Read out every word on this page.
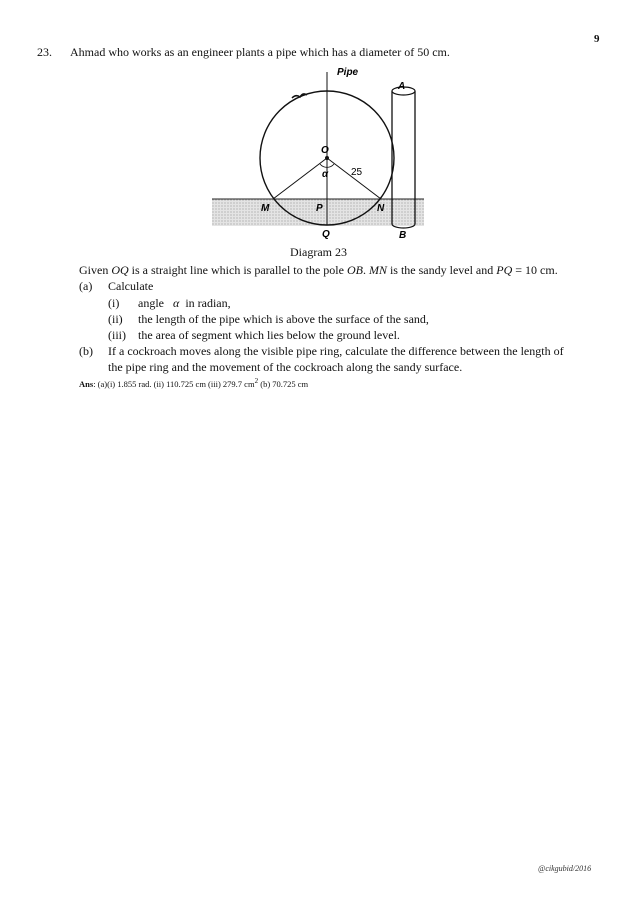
9
23. Ahmad who works as an engineer plants a pipe which has a diameter of 50 cm.
Pipe
A
O
α 25
M	P	N
Q	B
Diagram 23
Given OQ is a straight line which is parallel to the pole OB. MN is the sandy level and PQ = 10 cm.
(a) Calculate
(i) angle α in radian,
(ii) the length of the pipe which is above the surface of the sand,
(iii) the area of segment which lies below the ground level.
(b) If a cockroach moves along the visible pipe ring, calculate the difference between the length of
the pipe ring and the movement of the cockroach along the sandy surface.
Ans: (a)(i) 1.855 rad. (ii) 110.725 cm (iii) 279.7 $cm^2$ (b) 70.725 cm
@cikgubid/2016
